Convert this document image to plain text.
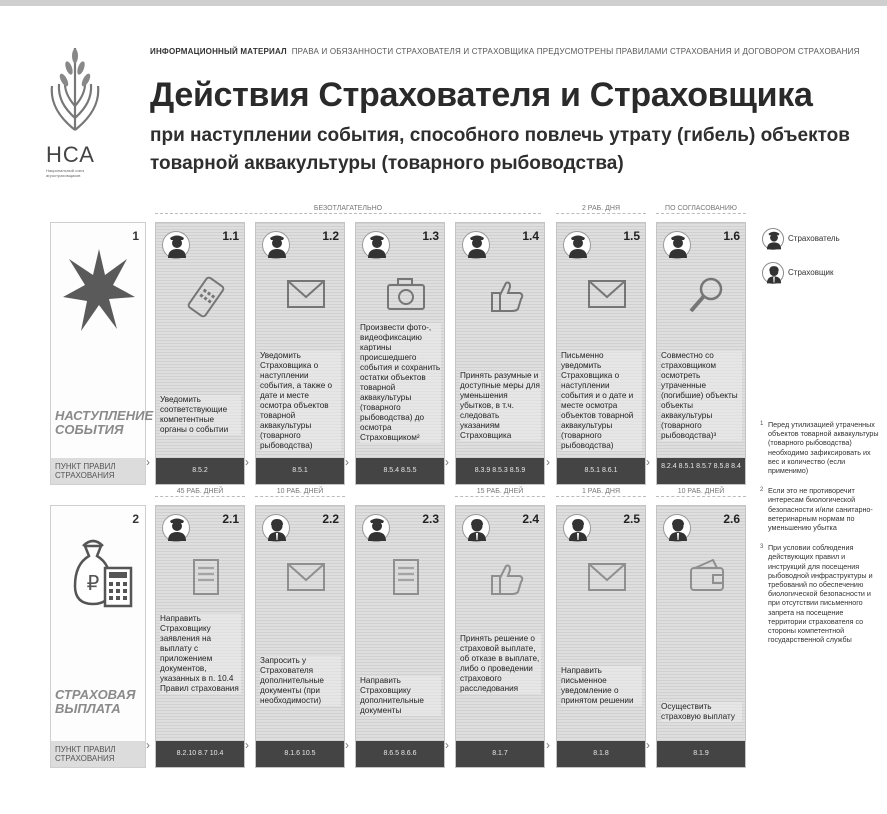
НСА
Национальный союз агростраховщиков
ИНФОРМАЦИОННЫЙ МАТЕРИАЛ ПРАВА И ОБЯЗАННОСТИ СТРАХОВАТЕЛЯ И СТРАХОВЩИКА ПРЕДУСМОТРЕНЫ ПРАВИЛАМИ СТРАХОВАНИЯ И ДОГОВОРОМ СТРАХОВАНИЯ
Действия Страхователя и Страховщика
при наступлении события, способного повлечь утрату (гибель) объектов товарной аквакультуры (товарного рыбоводства)
Страхователь
Страховщик
БЕЗОТЛАГАТЕЛЬНО	2 РАБ. ДНЯ	ПО СОГЛАСОВАНИЮ
1
НАСТУПЛЕНИЕ СОБЫТИЯ
ПУНКТ ПРАВИЛ СТРАХОВАНИЯ
›
1.1
Уведомить соответствующие компетентные органы о событии
8.5.2
›
1.2
Уведомить Страховщика о наступлении события, а также о дате и месте осмотра объектов товарной аквакультуры (товарного рыбоводства)
8.5.1
›
1.3
Произвести фото-, видеофиксацию картины происшедшего события и сохранить остатки объектов товарной аквакультуры (товарного рыбоводства) до осмотра Страховщиком²
8.5.4 8.5.5
›
1.4
Принять разумные и доступные меры для уменьшения убытков, в т.ч. следовать указаниям Страховщика
8.3.9 8.5.3 8.5.9
›
1.5
Письменно уведомить Страховщика о наступлении события и о дате и месте осмотра объектов товарной аквакультуры (товарного рыбоводства)
8.5.1 8.6.1
›
1.6
Совместно со страховщиком осмотреть утраченные (погибшие) объекты объекты аквакультуры (товарного рыбоводства)³
8.2.4 8.5.1 8.5.7 8.5.8 8.4
45 РАБ. ДНЕЙ	10 РАБ. ДНЕЙ	15 РАБ. ДНЕЙ	1 РАБ. ДНЯ	10 РАБ. ДНЕЙ
2
₽
СТРАХОВАЯ ВЫПЛАТА
ПУНКТ ПРАВИЛ СТРАХОВАНИЯ
›
2.1
Направить Страховщику заявления на выплату с приложением документов, указанных в п. 10.4 Правил страхования
8.2.10 8.7 10.4
›
2.2
Запросить у Страхователя дополнительные документы (при необходимости)
8.1.6 10.5
›
2.3
Направить Страховщику дополнительные документы
8.6.5 8.6.6
›
2.4
Принять решение о страховой выплате, об отказе в выплате, либо о проведении страхового расследования
8.1.7
›
2.5
Направить письменное уведомление о принятом решении
8.1.8
›
2.6
Осуществить страховую выплату
8.1.9
1 Перед утилизацией утраченных объектов товарной аквакультуры (товарного рыбоводства) необходимо зафиксировать их вес и количество (если применимо)
2 Если это не противоречит интересам биологической безопасности и/или санитарно-ветеринарным нормам по уменьшению убытка
3 При условии соблюдения действующих правил и инструкций для посещения рыбоводной инфраструктуры и требований по обеспечению биологической безопасности и при отсутствии письменного запрета на посещение территории страхователя со стороны компетентной государственной службы
